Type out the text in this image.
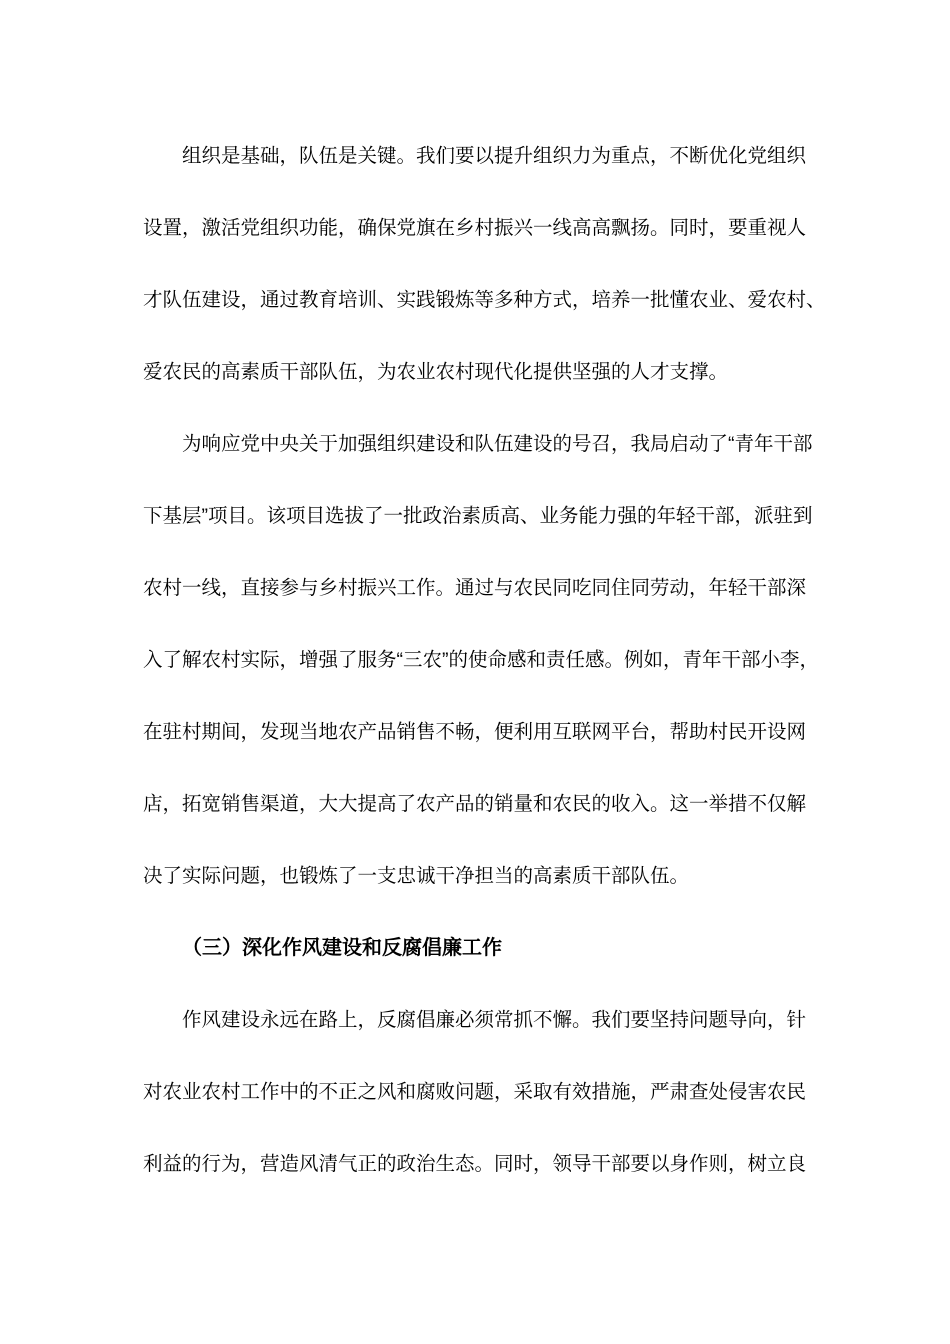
组织是基础，队伍是关键。我们要以提升组织力为重点，不断优化党组织
设置，激活党组织功能，确保党旗在乡村振兴一线高高飘扬。同时，要重视人
才队伍建设，通过教育培训、实践锻炼等多种方式，培养一批懂农业、爱农村、
爱农民的高素质干部队伍，为农业农村现代化提供坚强的人才支撑。
为响应党中央关于加强组织建设和队伍建设的号召，我局启动了“青年干部
下基层”项目。该项目选拔了一批政治素质高、业务能力强的年轻干部，派驻到
农村一线，直接参与乡村振兴工作。通过与农民同吃同住同劳动，年轻干部深
入了解农村实际，增强了服务“三农”的使命感和责任感。例如，青年干部小李，
在驻村期间，发现当地农产品销售不畅，便利用互联网平台，帮助村民开设网
店，拓宽销售渠道，大大提高了农产品的销量和农民的收入。这一举措不仅解
决了实际问题，也锻炼了一支忠诚干净担当的高素质干部队伍。
（三）深化作风建设和反腐倡廉工作
作风建设永远在路上，反腐倡廉必须常抓不懈。我们要坚持问题导向，针
对农业农村工作中的不正之风和腐败问题，采取有效措施，严肃查处侵害农民
利益的行为，营造风清气正的政治生态。同时，领导干部要以身作则，树立良
